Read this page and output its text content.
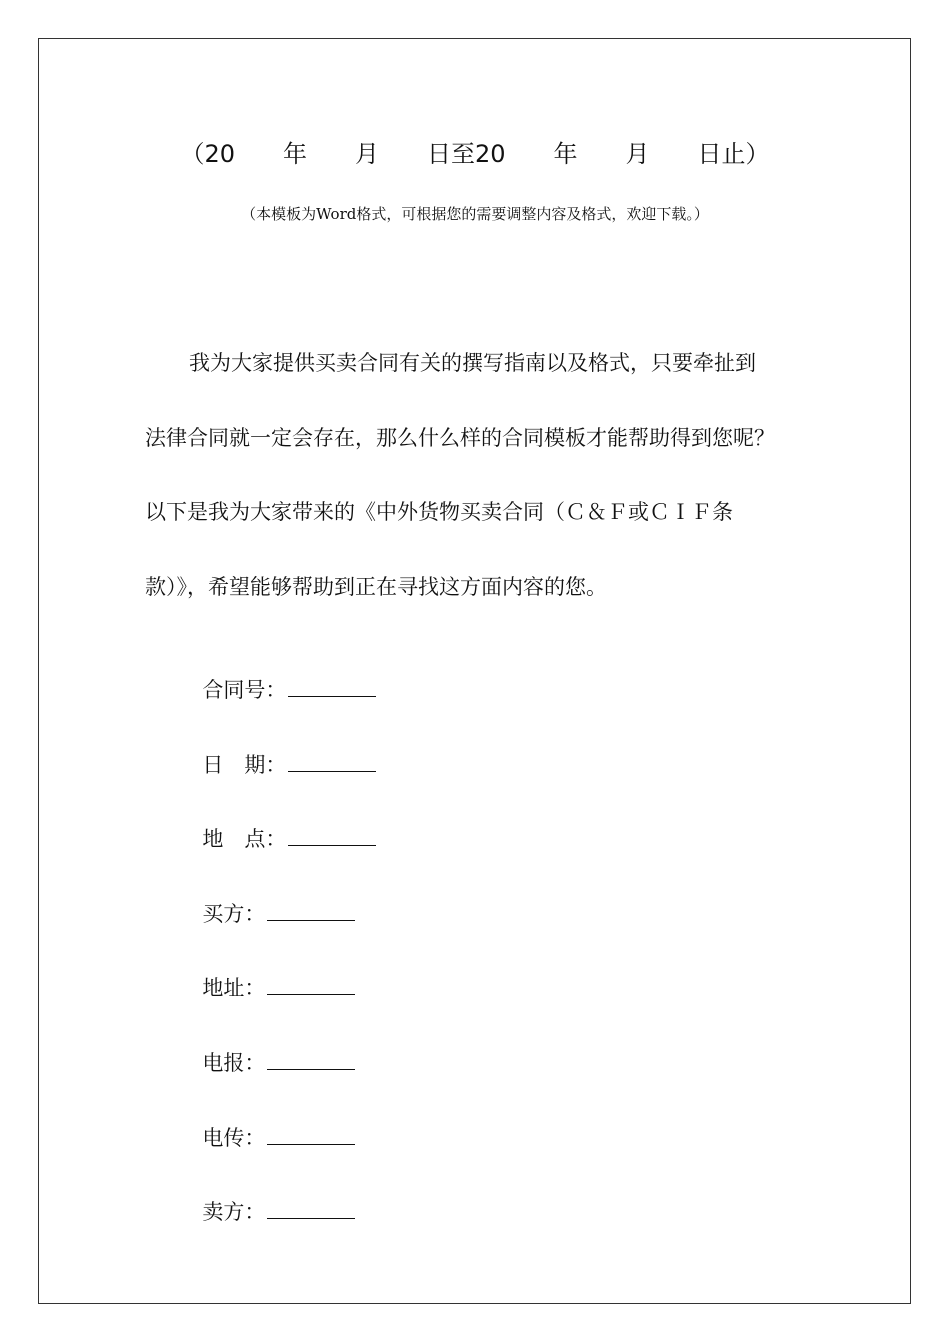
（20　　年　　月　　日至20　　年　　月　　日止）
（本模板为Word格式，可根据您的需要调整内容及格式，欢迎下载。）
我为大家提供买卖合同有关的撰写指南以及格式，只要牵扯到
法律合同就一定会存在，那么什么样的合同模板才能帮助得到您呢？
以下是我为大家带来的《中外货物买卖合同（Ｃ＆Ｆ或ＣＩＦ条
款）》，希望能够帮助到正在寻找这方面内容的您。

合同号：

日　期：

地　点：

买方：

地址：

电报：

电传：

卖方：
